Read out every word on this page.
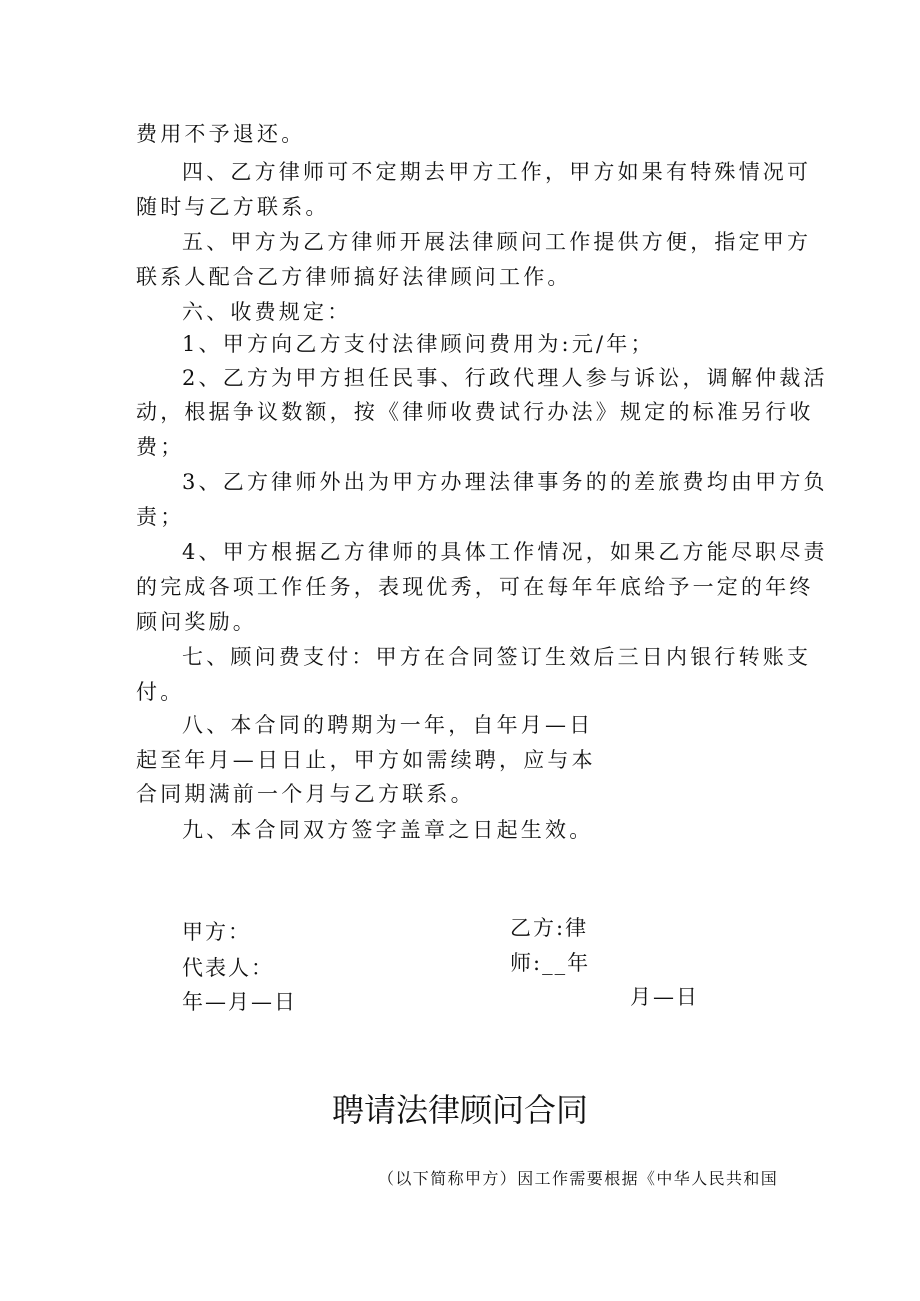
费用不予退还。
四、乙方律师可不定期去甲方工作，甲方如果有特殊情况可
随时与乙方联系。
五、甲方为乙方律师开展法律顾问工作提供方便，指定甲方
联系人配合乙方律师搞好法律顾问工作。
六、收费规定：
1、甲方向乙方支付法律顾问费用为:元/年；
2、乙方为甲方担任民事、行政代理人参与诉讼，调解仲裁活
动，根据争议数额，按《律师收费试行办法》规定的标准另行收
费；
3、乙方律师外出为甲方办理法律事务的的差旅费均由甲方负
责；
4、甲方根据乙方律师的具体工作情况，如果乙方能尽职尽责
的完成各项工作任务，表现优秀，可在每年年底给予一定的年终
顾问奖励。
七、顾问费支付：甲方在合同签订生效后三日内银行转账支
付。
八、本合同的聘期为一年，自年月—日
起至年月—日日止，甲方如需续聘，应与本
合同期满前一个月与乙方联系。
九、本合同双方签字盖章之日起生效。
甲方：
代表人：
年—月—日
乙方:律
师:__年
月—日
聘请法律顾问合同
（以下简称甲方）因工作需要根据《中华人民共和国
